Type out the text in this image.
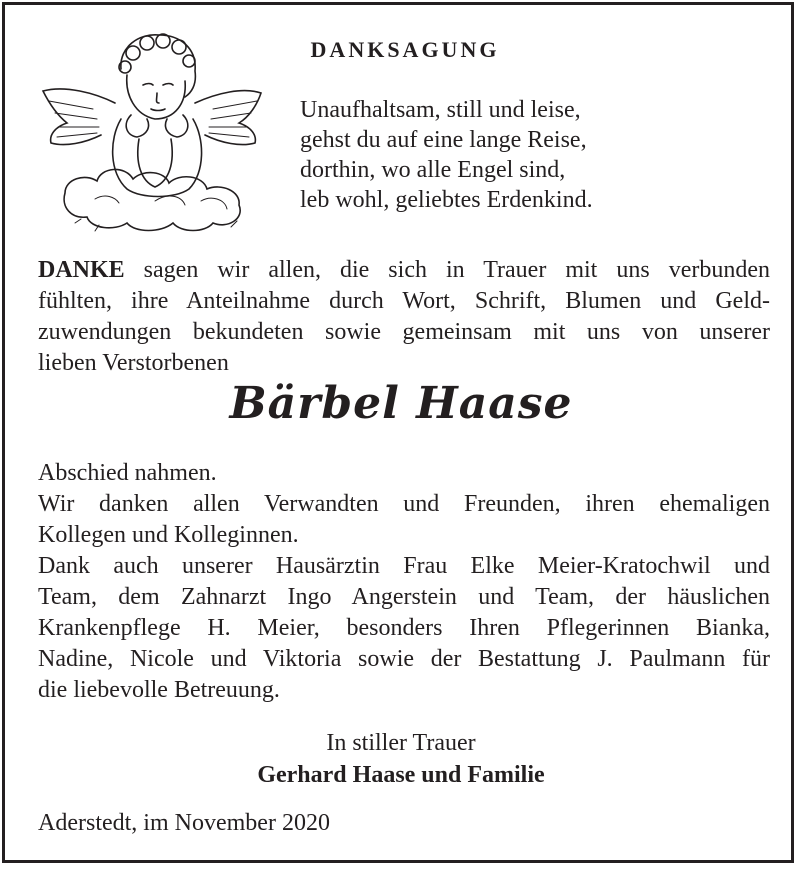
DANKSAGUNG
Unaufhaltsam, still und leise,
gehst du auf eine lange Reise,
dorthin, wo alle Engel sind,
leb wohl, geliebtes Erdenkind.
DANKE sagen wir allen, die sich in Trauer mit uns verbunden
fühlten, ihre Anteilnahme durch Wort, Schrift, Blumen und Geld-
zuwendungen bekundeten sowie gemeinsam mit uns von unserer
lieben Verstorbenen
Bärbel Haase
Abschied nahmen.
Wir danken allen Verwandten und Freunden, ihren ehemaligen
Kollegen und Kolleginnen.
Dank auch unserer Hausärztin Frau Elke Meier-Kratochwil und
Team, dem Zahnarzt Ingo Angerstein und Team, der häuslichen
Krankenpflege H. Meier, besonders Ihren Pflegerinnen Bianka,
Nadine, Nicole und Viktoria sowie der Bestattung J. Paulmann für
die liebevolle Betreuung.
In stiller Trauer
Gerhard Haase und Familie
Aderstedt, im November 2020
